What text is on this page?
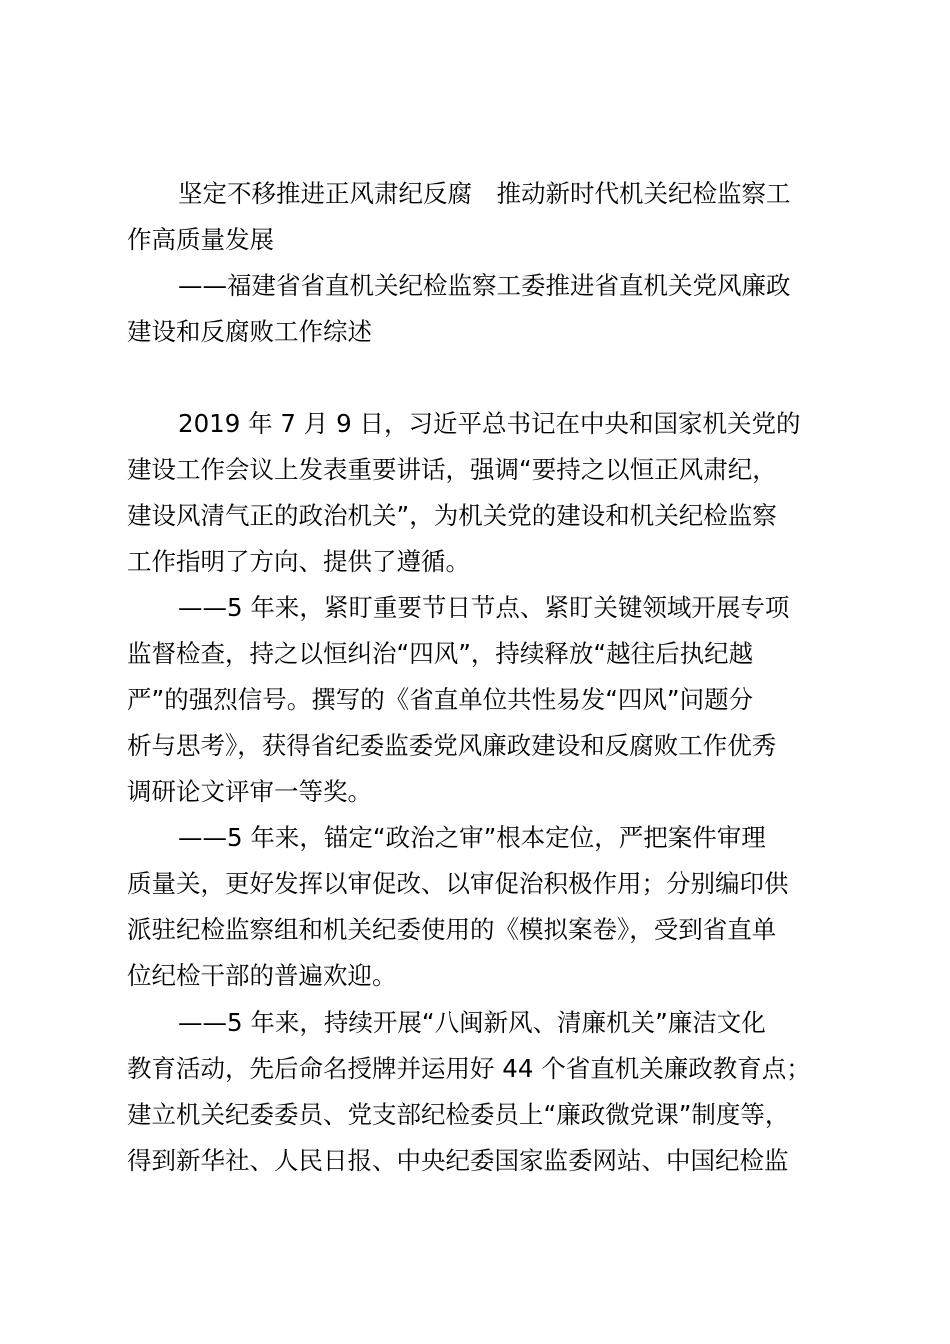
坚定不移推进正风肃纪反腐　推动新时代机关纪检监察工
作高质量发展
——福建省省直机关纪检监察工委推进省直机关党风廉政
建设和反腐败工作综述
2019 年 7 月 9 日，习近平总书记在中央和国家机关党的
建设工作会议上发表重要讲话，强调“要持之以恒正风肃纪，
建设风清气正的政治机关”，为机关党的建设和机关纪检监察
工作指明了方向、提供了遵循。
——5 年来，紧盯重要节日节点、紧盯关键领域开展专项
监督检查，持之以恒纠治“四风”，持续释放“越往后执纪越
严”的强烈信号。撰写的《省直单位共性易发“四风”问题分
析与思考》，获得省纪委监委党风廉政建设和反腐败工作优秀
调研论文评审一等奖。
——5 年来，锚定“政治之审”根本定位，严把案件审理
质量关，更好发挥以审促改、以审促治积极作用；分别编印供
派驻纪检监察组和机关纪委使用的《模拟案卷》，受到省直单
位纪检干部的普遍欢迎。
——5 年来，持续开展“八闽新风、清廉机关”廉洁文化
教育活动，先后命名授牌并运用好 44 个省直机关廉政教育点；
建立机关纪委委员、党支部纪检委员上“廉政微党课”制度等，
得到新华社、人民日报、中央纪委国家监委网站、中国纪检监
